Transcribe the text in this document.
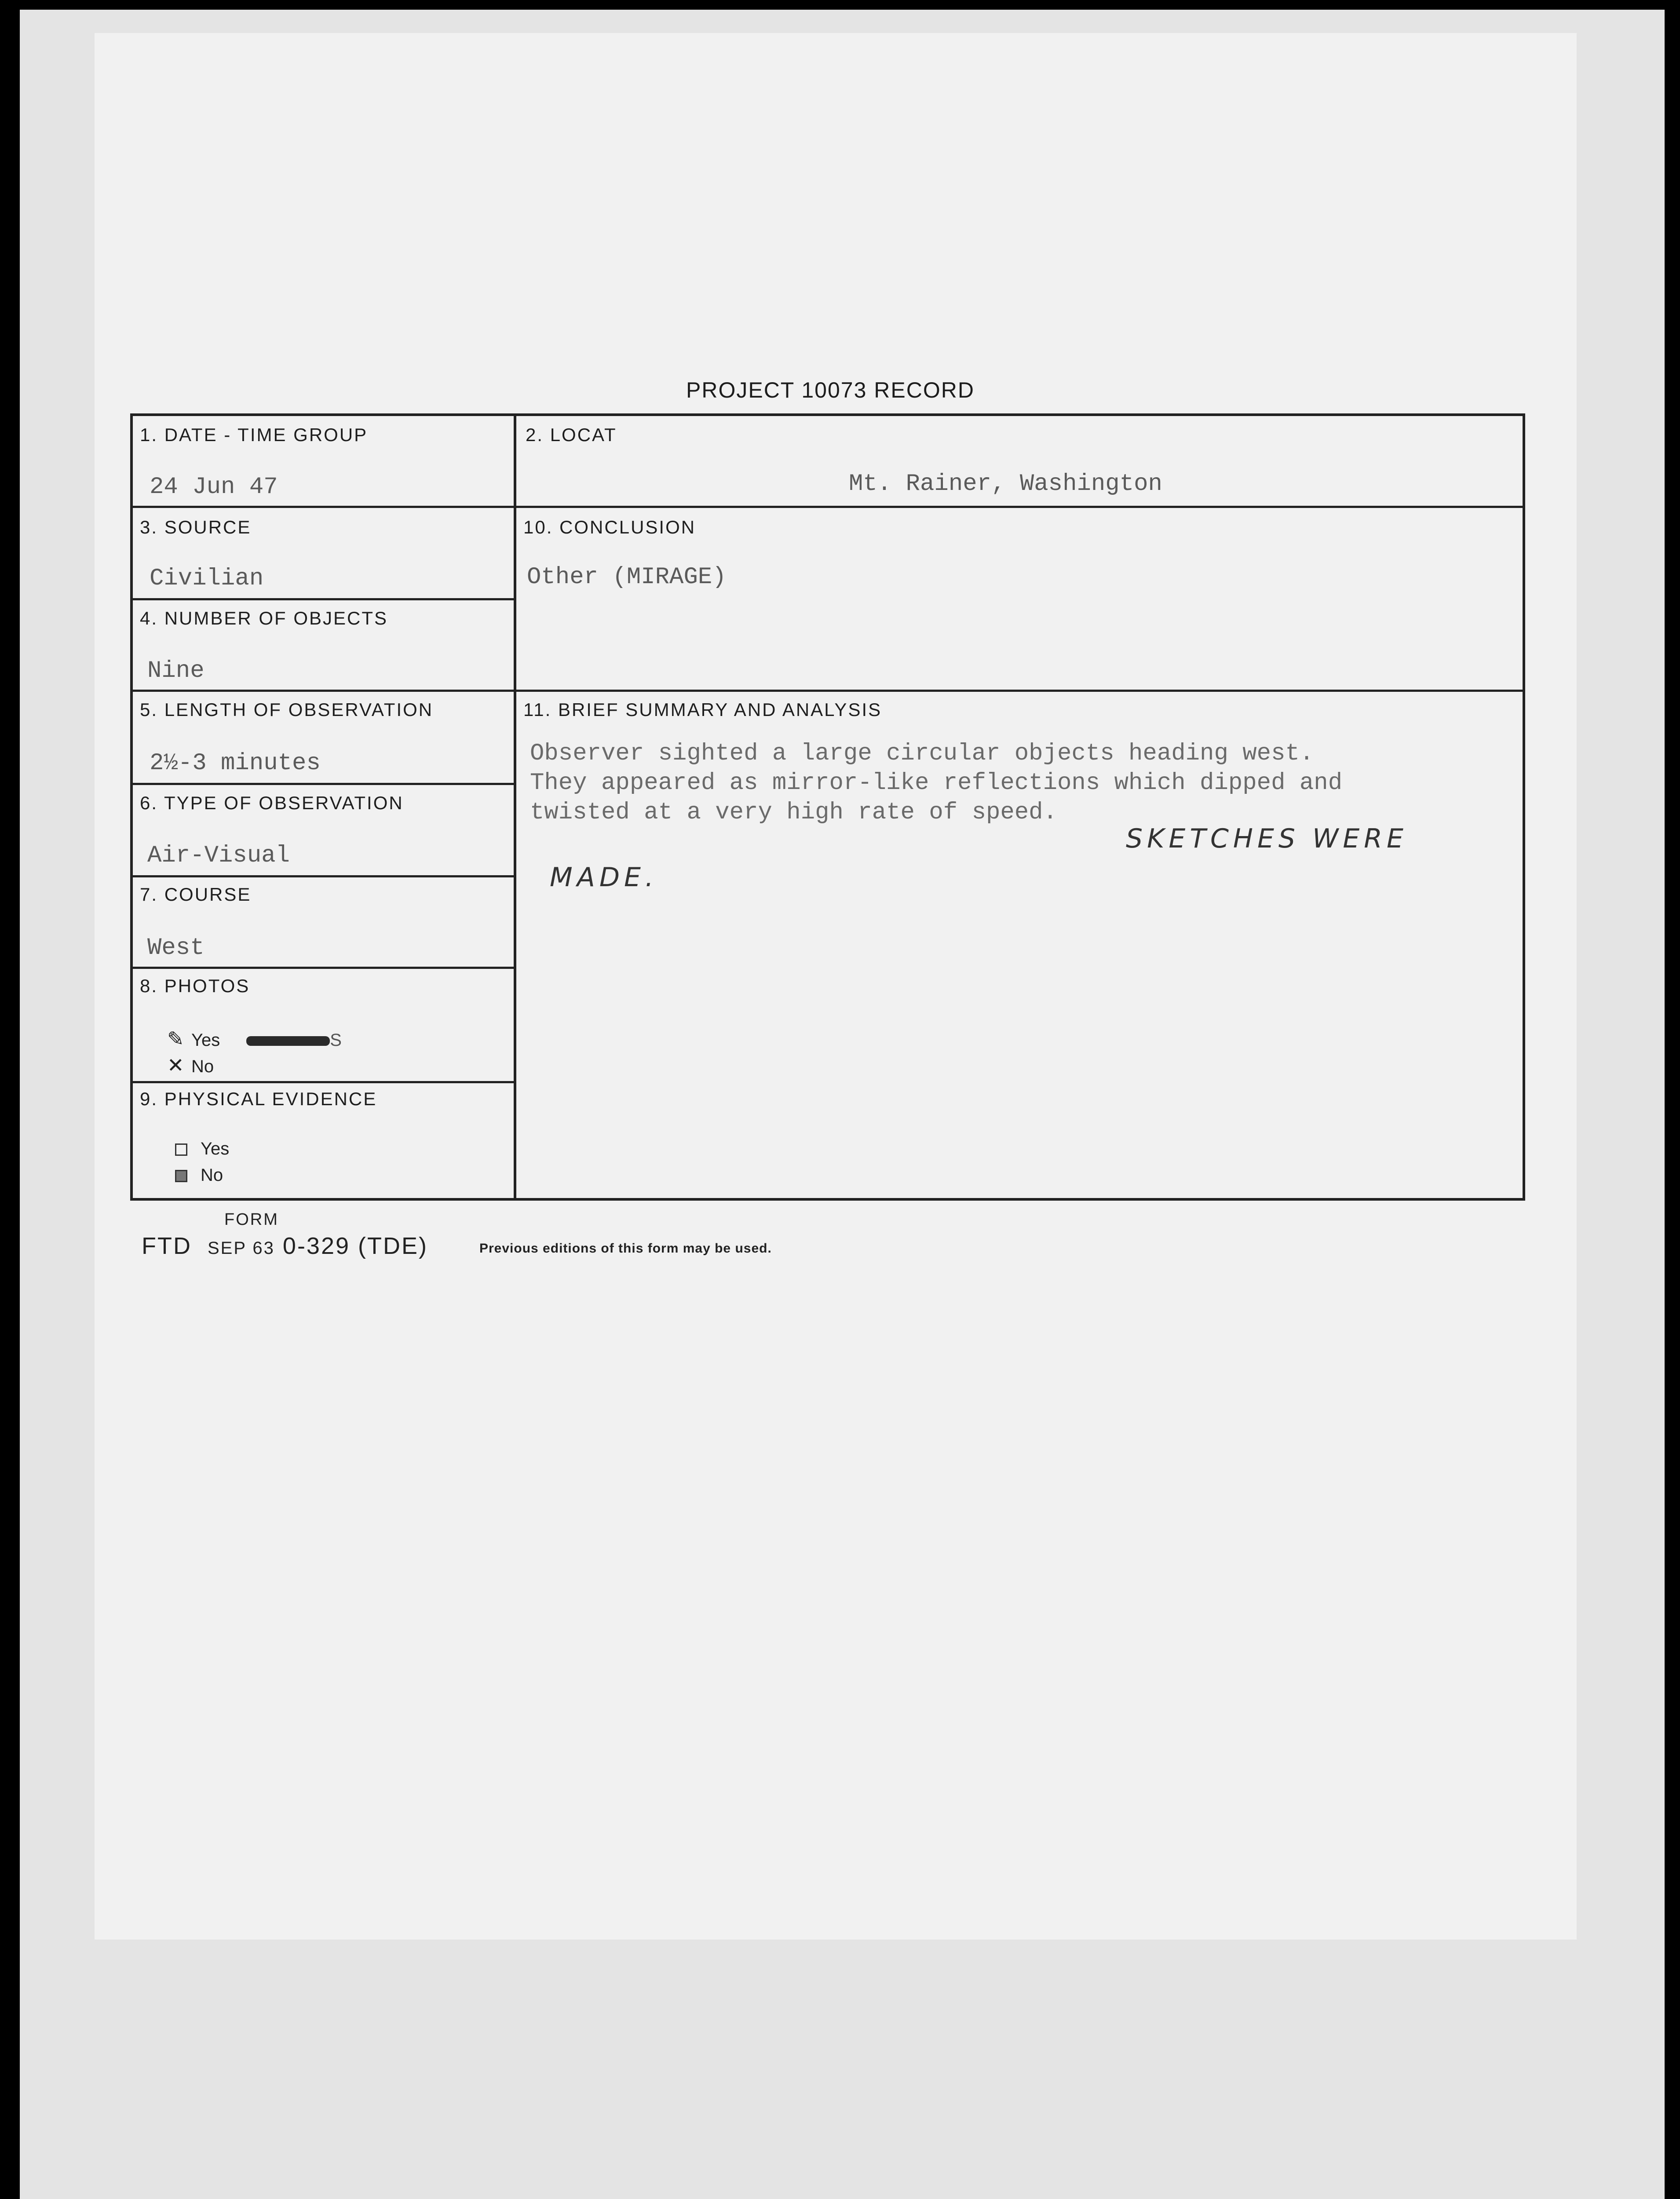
PROJECT 10073 RECORD
1. DATE - TIME GROUP
24 Jun 47
2. LOCAT
Mt. Rainer, Washington
3. SOURCE
Civilian
10. CONCLUSION
Other (MIRAGE)
4. NUMBER OF OBJECTS
Nine
5. LENGTH OF OBSERVATION
2½-3 minutes
11. BRIEF SUMMARY AND ANALYSIS
Observer sighted a large circular objects heading west.
They appeared as mirror-like reflections which dipped and
twisted at a very high rate of speed.
SKETCHES WERE
MADE.
6. TYPE OF OBSERVATION
Air-Visual
7. COURSE
West
8. PHOTOS
✎ Yes	S
✕ No
9. PHYSICAL EVIDENCE
Yes
No
FORM
FTD SEP 63 0-329 (TDE)	Previous editions of this form may be used.
